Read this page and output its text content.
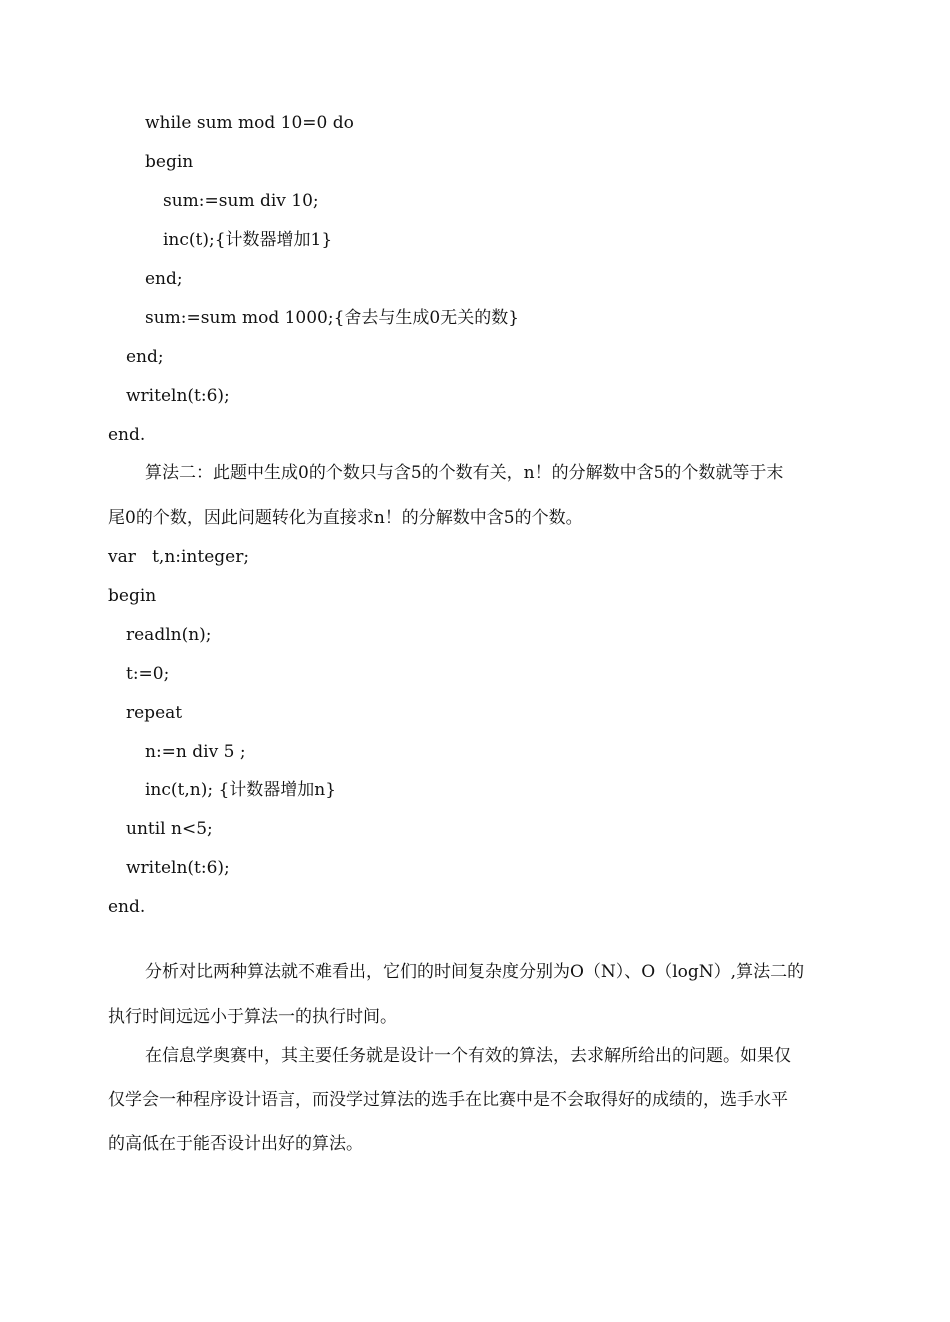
while sum mod 10=0 do
begin
sum:=sum div 10;
inc(t);{计数器增加1}
end;
sum:=sum mod 1000;{舍去与生成0无关的数}
end;
writeln(t:6);
end.
算法二：此题中生成0的个数只与含5的个数有关，n！的分解数中含5的个数就等于末
尾0的个数，因此问题转化为直接求n！的分解数中含5的个数。
var   t,n:integer;
begin
readln(n);
t:=0;
repeat
n:=n div 5 ;
inc(t,n); {计数器增加n}
until n<5;
writeln(t:6);
end.
分析对比两种算法就不难看出，它们的时间复杂度分别为O（N）、O（logN）,算法二的
执行时间远远小于算法一的执行时间。
在信息学奥赛中，其主要任务就是设计一个有效的算法，去求解所给出的问题。如果仅
仅学会一种程序设计语言，而没学过算法的选手在比赛中是不会取得好的成绩的，选手水平
的高低在于能否设计出好的算法。
